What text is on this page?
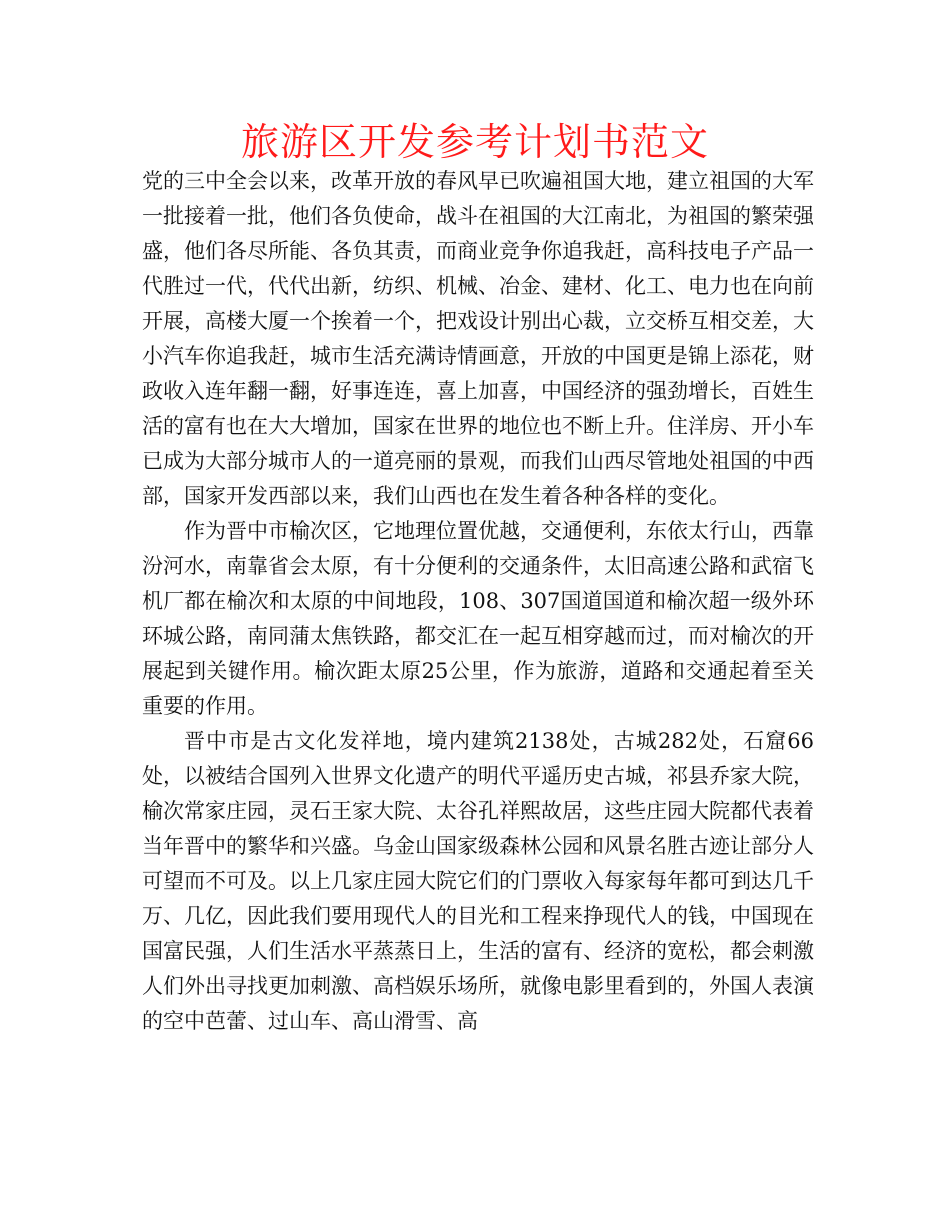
旅游区开发参考计划书范文

党的三中全会以来，改革开放的春风早已吹遍祖国大地，建立祖国的大军一批接着一批，他们各负使命，战斗在祖国的大江南北，为祖国的繁荣强盛，他们各尽所能、各负其责，而商业竞争你追我赶，高科技电子产品一代胜过一代，代代出新，纺织、机械、冶金、建材、化工、电力也在向前开展，高楼大厦一个挨着一个，把戏设计别出心裁，立交桥互相交差，大小汽车你追我赶，城市生活充满诗情画意，开放的中国更是锦上添花，财政收入连年翻一翻，好事连连，喜上加喜，中国经济的强劲增长，百姓生活的富有也在大大增加，国家在世界的地位也不断上升。住洋房、开小车已成为大部分城市人的一道亮丽的景观，而我们山西尽管地处祖国的中西部，国家开发西部以来，我们山西也在发生着各种各样的变化。

作为晋中市榆次区，它地理位置优越，交通便利，东依太行山，西靠汾河水，南靠省会太原，有十分便利的交通条件，太旧高速公路和武宿飞机厂都在榆次和太原的中间地段，108、307国道国道和榆次超一级外环环城公路，南同蒲太焦铁路，都交汇在一起互相穿越而过，而对榆次的开展起到关键作用。榆次距太原25公里，作为旅游，道路和交通起着至关重要的作用。

晋中市是古文化发祥地，境内建筑2138处，古城282处，石窟66处，以被结合国列入世界文化遗产的明代平遥历史古城，祁县乔家大院，榆次常家庄园，灵石王家大院、太谷孔祥熙故居，这些庄园大院都代表着当年晋中的繁华和兴盛。乌金山国家级森林公园和风景名胜古迹让部分人可望而不可及。以上几家庄园大院它们的门票收入每家每年都可到达几千万、几亿，因此我们要用现代人的目光和工程来挣现代人的钱，中国现在国富民强，人们生活水平蒸蒸日上，生活的富有、经济的宽松，都会刺激人们外出寻找更加刺激、高档娱乐场所，就像电影里看到的，外国人表演的空中芭蕾、过山车、高山滑雪、高
